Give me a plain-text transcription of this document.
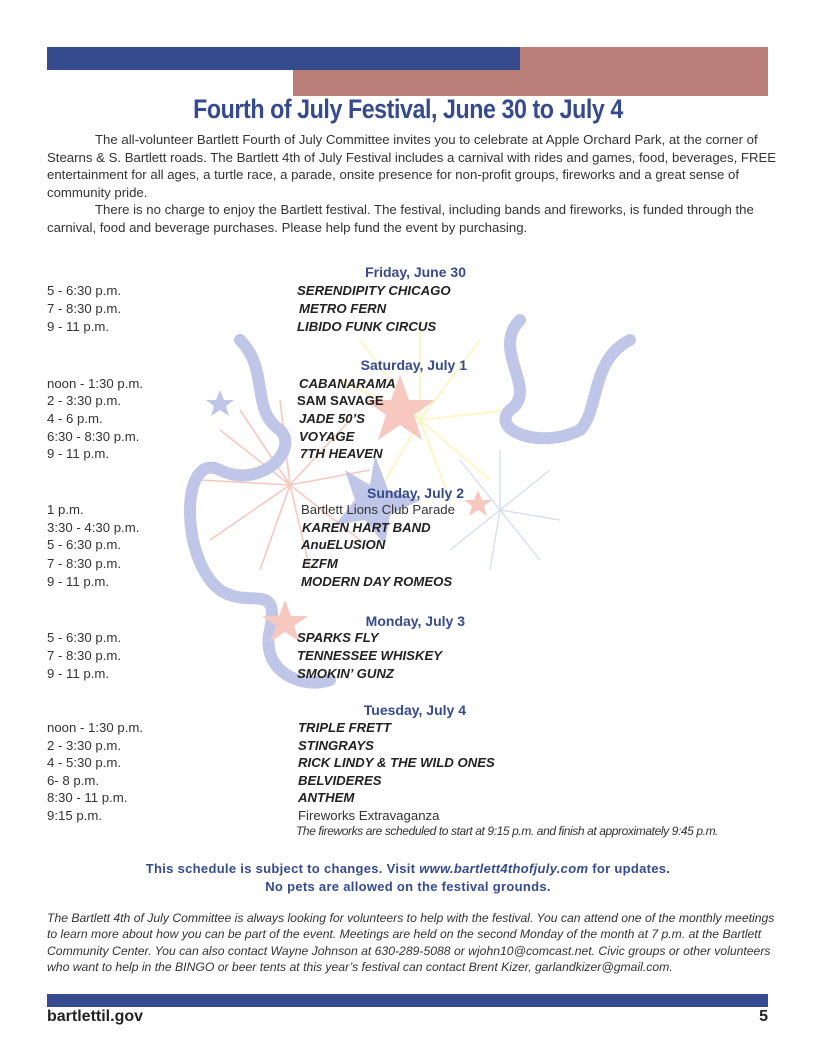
Fourth of July Festival, June 30 to July 4

The all-volunteer Bartlett Fourth of July Committee invites you to celebrate at Apple Orchard Park, at the corner of Stearns & S. Bartlett roads. The Bartlett 4th of July Festival includes a carnival with rides and games, food, beverages, FREE entertainment for all ages, a turtle race, a parade, onsite presence for non-profit groups, fireworks and a great sense of community pride.

There is no charge to enjoy the Bartlett festival. The festival, including bands and fireworks, is funded through the carnival, food and beverage purchases. Please help fund the event by purchasing.

Friday, June 30
5 - 6:30 p.m.	SERENDIPITY CHICAGO
7 - 8:30 p.m.	METRO FERN
9 - 11 p.m.	LIBIDO FUNK CIRCUS
Saturday, July 1
noon - 1:30 p.m.	CABANARAMA
2 - 3:30 p.m.	SAM SAVAGE
4 - 6 p.m.	JADE 50’S
6:30 - 8:30 p.m.	VOYAGE
9 - 11 p.m.	7TH HEAVEN
Sunday, July 2
1 p.m.	Bartlett Lions Club Parade
3:30 - 4:30 p.m.	KAREN HART BAND
5 - 6:30 p.m.	AnuELUSION
7 - 8:30 p.m.	EZFM
9 - 11 p.m.	MODERN DAY ROMEOS
Monday, July 3
5 - 6:30 p.m.	SPARKS FLY
7 - 8:30 p.m.	TENNESSEE WHISKEY
9 - 11 p.m.	SMOKIN’ GUNZ
Tuesday, July 4
noon - 1:30 p.m.	TRIPLE FRETT
2 - 3:30 p.m.	STINGRAYS
4 - 5:30 p.m.	RICK LINDY & THE WILD ONES
6- 8 p.m.	BELVIDERES
8:30 - 11 p.m.	ANTHEM
9:15 p.m.	Fireworks Extravaganza
The fireworks are scheduled to start at 9:15 p.m. and finish at approximately 9:45 p.m.
This schedule is subject to changes. Visit www.bartlett4thofjuly.com for updates.
No pets are allowed on the festival grounds.
The Bartlett 4th of July Committee is always looking for volunteers to help with the festival. You can attend one of the monthly meetings to learn more about how you can be part of the event. Meetings are held on the second Monday of the month at 7 p.m. at the Bartlett Community Center. You can also contact Wayne Johnson at 630-289-5088 or wjohn10@comcast.net. Civic groups or other volunteers who want to help in the BINGO or beer tents at this year’s festival can contact Brent Kizer, garlandkizer@gmail.com.
bartlettil.gov	5
